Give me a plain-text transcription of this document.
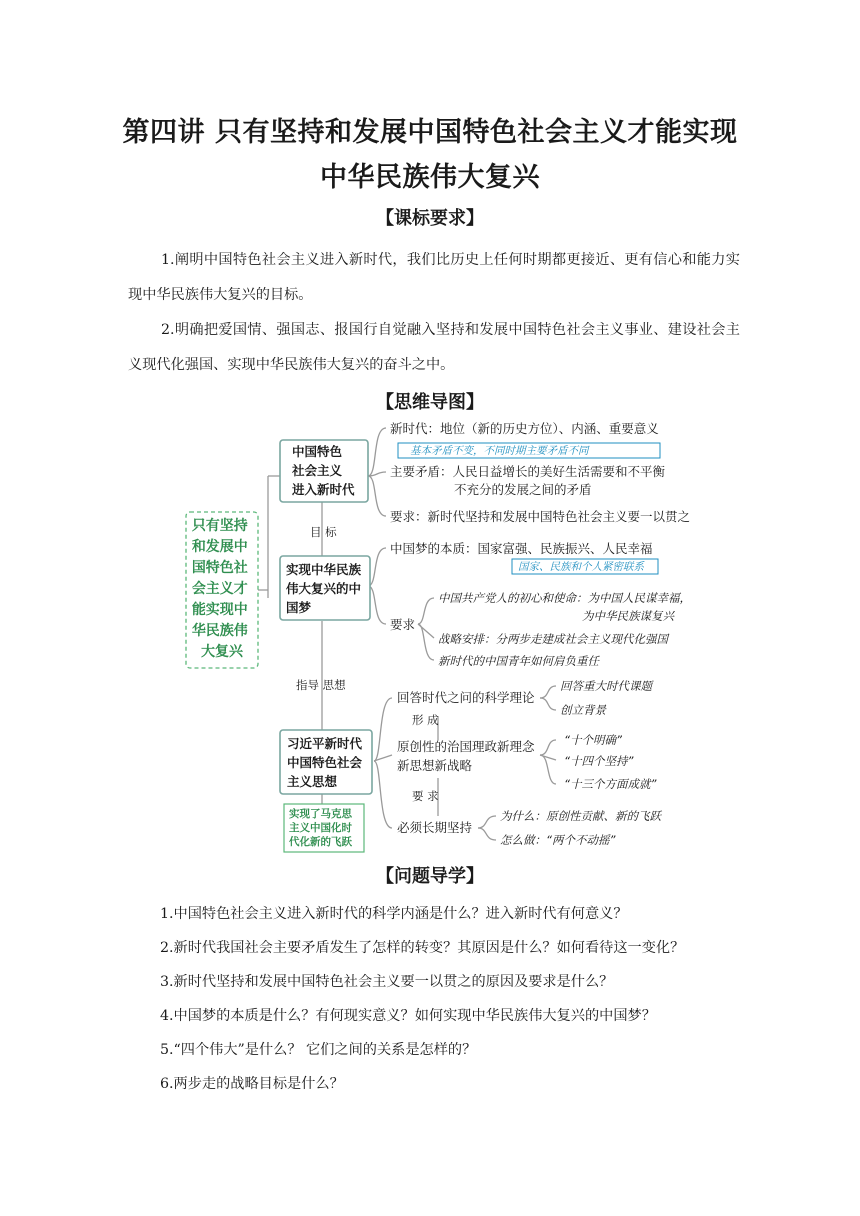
第四讲 只有坚持和发展中国特色社会主义才能实现
中华民族伟大复兴
【课标要求】
1.阐明中国特色社会主义进入新时代，我们比历史上任何时期都更接近、更有信心和能力实现中华民族伟大复兴的目标。
2.明确把爱国情、强国志、报国行自觉融入坚持和发展中国特色社会主义事业、建设社会主义现代化强国、实现中华民族伟大复兴的奋斗之中。
【思维导图】
只有坚持 和发展中 国特色社 会主义才 能实现中 华民族伟 大复兴
中国特色 社会主义 进入新时代
实现中华民族 伟大复兴的中 国梦
习近平新时代 中国特色社会 主义思想
目 标
指导 思想
新时代：地位（新的历史方位）、内涵、重要意义
基本矛盾不变，不同时期主要矛盾不同
主要矛盾：人民日益增长的美好生活需要和不平衡 不充分的发展之间的矛盾
要求：新时代坚持和发展中国特色社会主义要一以贯之
中国梦的本质：国家富强、民族振兴、人民幸福
国家、民族和个人紧密联系
要求
中国共产党人的初心和使命：为中国人民谋幸福， 为中华民族谋复兴
战略安排：分两步走建成社会主义现代化强国
新时代的中国青年如何肩负重任
回答时代之问的科学理论
回答重大时代课题
创立背景
形 成
原创性的治国理政新理念 新思想新战略
“十个明确”
“十四个坚持”
“十三个方面成就”
要 求
必须长期坚持
为什么：原创性贡献、新的飞跃
怎么做：“两个不动摇”
实现了马克思 主义中国化时 代化新的飞跃
【问题导学】
1.中国特色社会主义进入新时代的科学内涵是什么？进入新时代有何意义？
2.新时代我国社会主要矛盾发生了怎样的转变？其原因是什么？如何看待这一变化？
3.新时代坚持和发展中国特色社会主义要一以贯之的原因及要求是什么？
4.中国梦的本质是什么？有何现实意义？如何实现中华民族伟大复兴的中国梦？
5.“四个伟大”是什么？ 它们之间的关系是怎样的？
6.两步走的战略目标是什么？
